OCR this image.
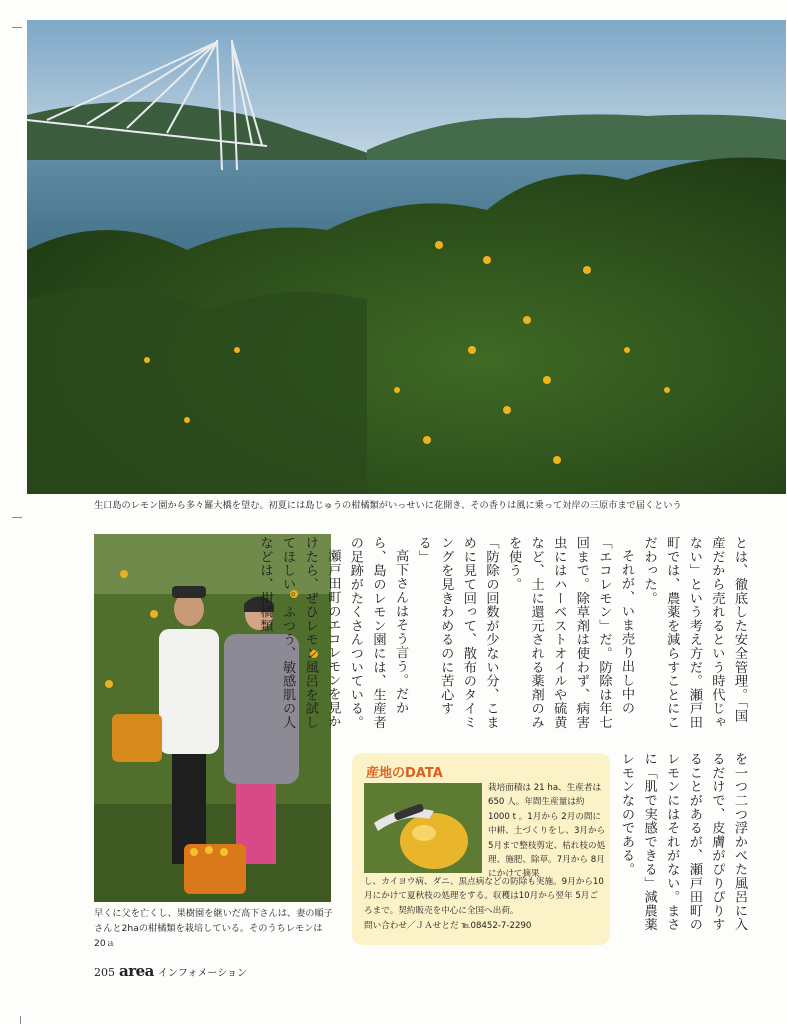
生口島のレモン園から多々羅大橋を望む。初夏には島じゅうの柑橘類がいっせいに花開き、その香りは風に乗って対岸の三原市まで届くという
早くに父を亡くし、果樹園を継いだ高下さんは、妻の順子さんと2haの柑橘類を栽培している。そのうちレモンは20ａ

とは、徹底した安全管理。「国産だから売れるという時代じゃない」という考え方だ。瀬戸田町では、農薬を減らすことにこだわった。

それが、いま売り出し中の「エコレモン」だ。防除は年七回まで。除草剤は使わず、病害虫にはハーベストオイルや硫黄など、土に還元される薬剤のみを使う。

「防除の回数が少ない分、こまめに見て回って、散布のタイミングを見きわめるのに苦心する」

高下さんはそう言う。だから、島のレモン園には、生産者の足跡がたくさんついている。

瀬戸田町のエコレモンを見かけたら、ぜひレモン風呂を試してほしい。ふつう、敏感肌の人などは、柑橘類

を一つ二つ浮かべた風呂に入るだけで、皮膚がぴりぴりすることがあるが、瀬戸田町のレモンにはそれがない。まさに「肌で実感できる」減農薬レモンなのである。

産地のDATA
栽培面積は 21 ha、生産者は 650 人。年間生産量は約 1000 t 。1月から 2月の間に中耕、土づくりをし、3月から 5月まで整枝剪定、枯れ枝の処理、施肥、除草。7月から 8月にかけて摘果
し、カイヨウ病、ダニ、黒点病などの防除も実施。9月から10月にかけて夏秋枝の処理をする。収穫は10月から翌年 5月ごろまで。契約販売を中心に全国へ出荷。
問い合わせ／ＪＡせとだ ℡08452-7-2290
205 area インフォメーション
